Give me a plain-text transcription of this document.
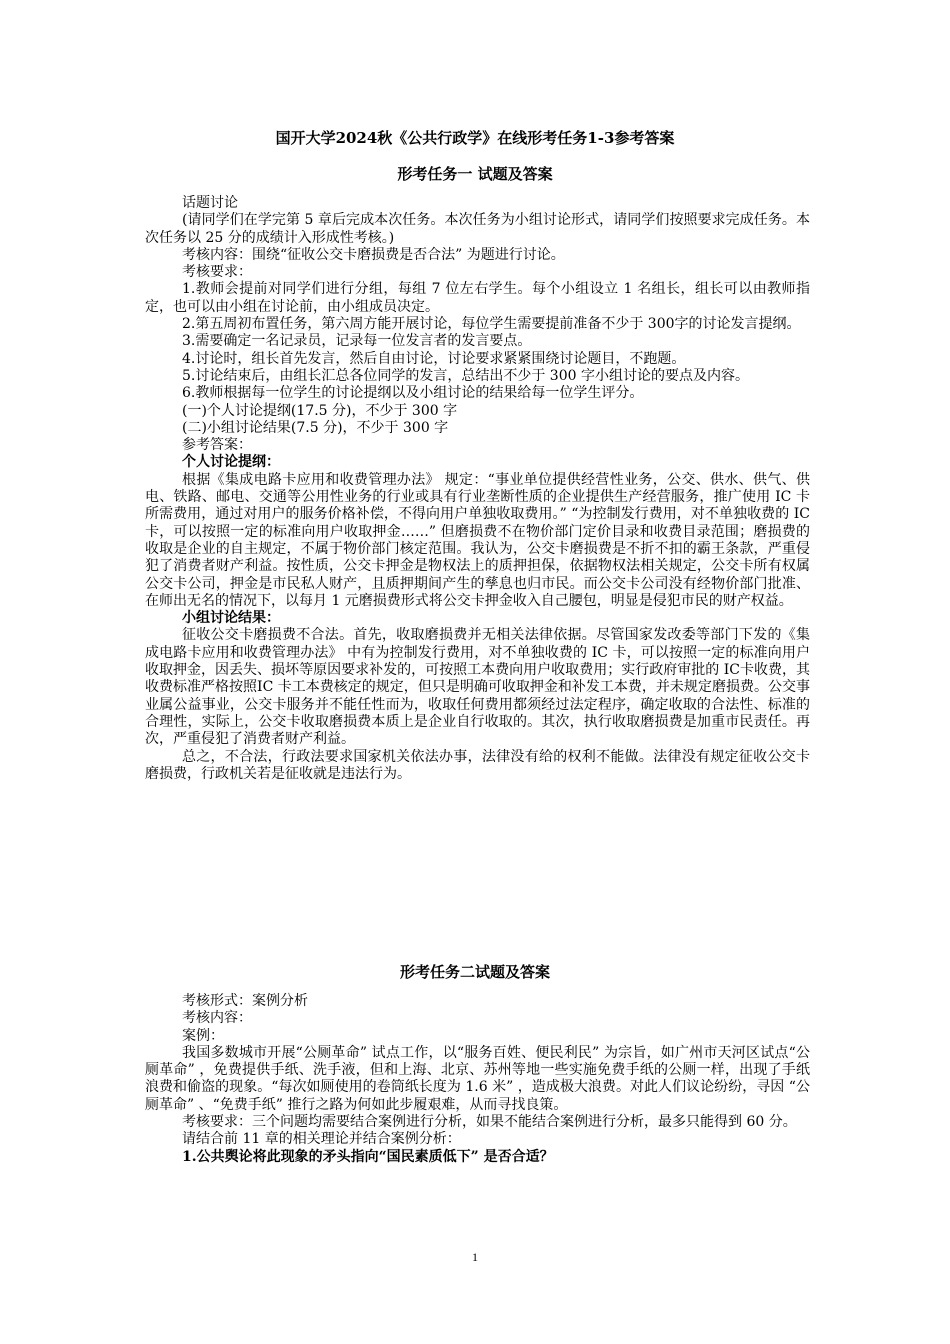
国开大学2024秋《公共行政学》在线形考任务1-3参考答案
形考任务一 试题及答案

话题讨论

(请同学们在学完第 5 章后完成本次任务。本次任务为小组讨论形式，请同学们按照要求完成任务。本次任务以 25 分的成绩计入形成性考核。)

考核内容：围绕“征收公交卡磨损费是否合法” 为题进行讨论。

考核要求：

1.教师会提前对同学们进行分组，每组 7 位左右学生。每个小组设立 1 名组长，组长可以由教师指定，也可以由小组在讨论前，由小组成员决定。

2.第五周初布置任务，第六周方能开展讨论，每位学生需要提前准备不少于 300字的讨论发言提纲。

3.需要确定一名记录员，记录每一位发言者的发言要点。

4.讨论时，组长首先发言，然后自由讨论，讨论要求紧紧围绕讨论题目，不跑题。

5.讨论结束后，由组长汇总各位同学的发言，总结出不少于 300 字小组讨论的要点及内容。

6.教师根据每一位学生的讨论提纲以及小组讨论的结果给每一位学生评分。

(一)个人讨论提纲(17.5 分)，不少于 300 字

(二)小组讨论结果(7.5 分)，不少于 300 字

参考答案：

个人讨论提纲：

根据《集成电路卡应用和收费管理办法》 规定：“事业单位提供经营性业务，公交、供水、供气、供电、铁路、邮电、交通等公用性业务的行业或具有行业垄断性质的企业提供生产经营服务，推广使用 IC 卡所需费用，通过对用户的服务价格补偿，不得向用户单独收取费用。” “为控制发行费用，对不单独收费的 IC 卡，可以按照一定的标准向用户收取押金……” 但磨损费不在物价部门定价目录和收费目录范围；磨损费的收取是企业的自主规定，不属于物价部门核定范围。我认为，公交卡磨损费是不折不扣的霸王条款，严重侵犯了消费者财产利益。按性质，公交卡押金是物权法上的质押担保，依据物权法相关规定，公交卡所有权属公交卡公司，押金是市民私人财产，且质押期间产生的孳息也归市民。而公交卡公司没有经物价部门批准、在师出无名的情况下，以每月 1 元磨损费形式将公交卡押金收入自己腰包，明显是侵犯市民的财产权益。

小组讨论结果：

征收公交卡磨损费不合法。首先，收取磨损费并无相关法律依据。尽管国家发改委等部门下发的《集成电路卡应用和收费管理办法》 中有为控制发行费用，对不单独收费的 IC 卡，可以按照一定的标准向用户收取押金，因丢失、损坏等原因要求补发的，可按照工本费向用户收取费用；实行政府审批的 IC卡收费，其收费标准严格按照IC 卡工本费核定的规定，但只是明确可收取押金和补发工本费，并未规定磨损费。公交事业属公益事业，公交卡服务并不能任性而为，收取任何费用都须经过法定程序，确定收取的合法性、标准的合理性，实际上，公交卡收取磨损费本质上是企业自行收取的。其次，执行收取磨损费是加重市民责任。再次，严重侵犯了消费者财产利益。

总之，不合法，行政法要求国家机关依法办事，法律没有给的权利不能做。法律没有规定征收公交卡磨损费，行政机关若是征收就是违法行为。

形考任务二试题及答案

考核形式：案例分析

考核内容：

案例：

我国多数城市开展“公厕革命” 试点工作，以“服务百姓、便民利民” 为宗旨，如广州市天河区试点“公厕革命” ，免费提供手纸、洗手液，但和上海、北京、苏州等地一些实施免费手纸的公厕一样，出现了手纸浪费和偷盗的现象。“每次如厕使用的卷筒纸长度为 1.6 米” ，造成极大浪费。对此人们议论纷纷，寻因 “公厕革命” 、“免费手纸” 推行之路为何如此步履艰难，从而寻找良策。

考核要求：三个问题均需要结合案例进行分析，如果不能结合案例进行分析，最多只能得到 60 分。

请结合前 11 章的相关理论并结合案例分析：

1.公共舆论将此现象的矛头指向“国民素质低下” 是否合适？

1
